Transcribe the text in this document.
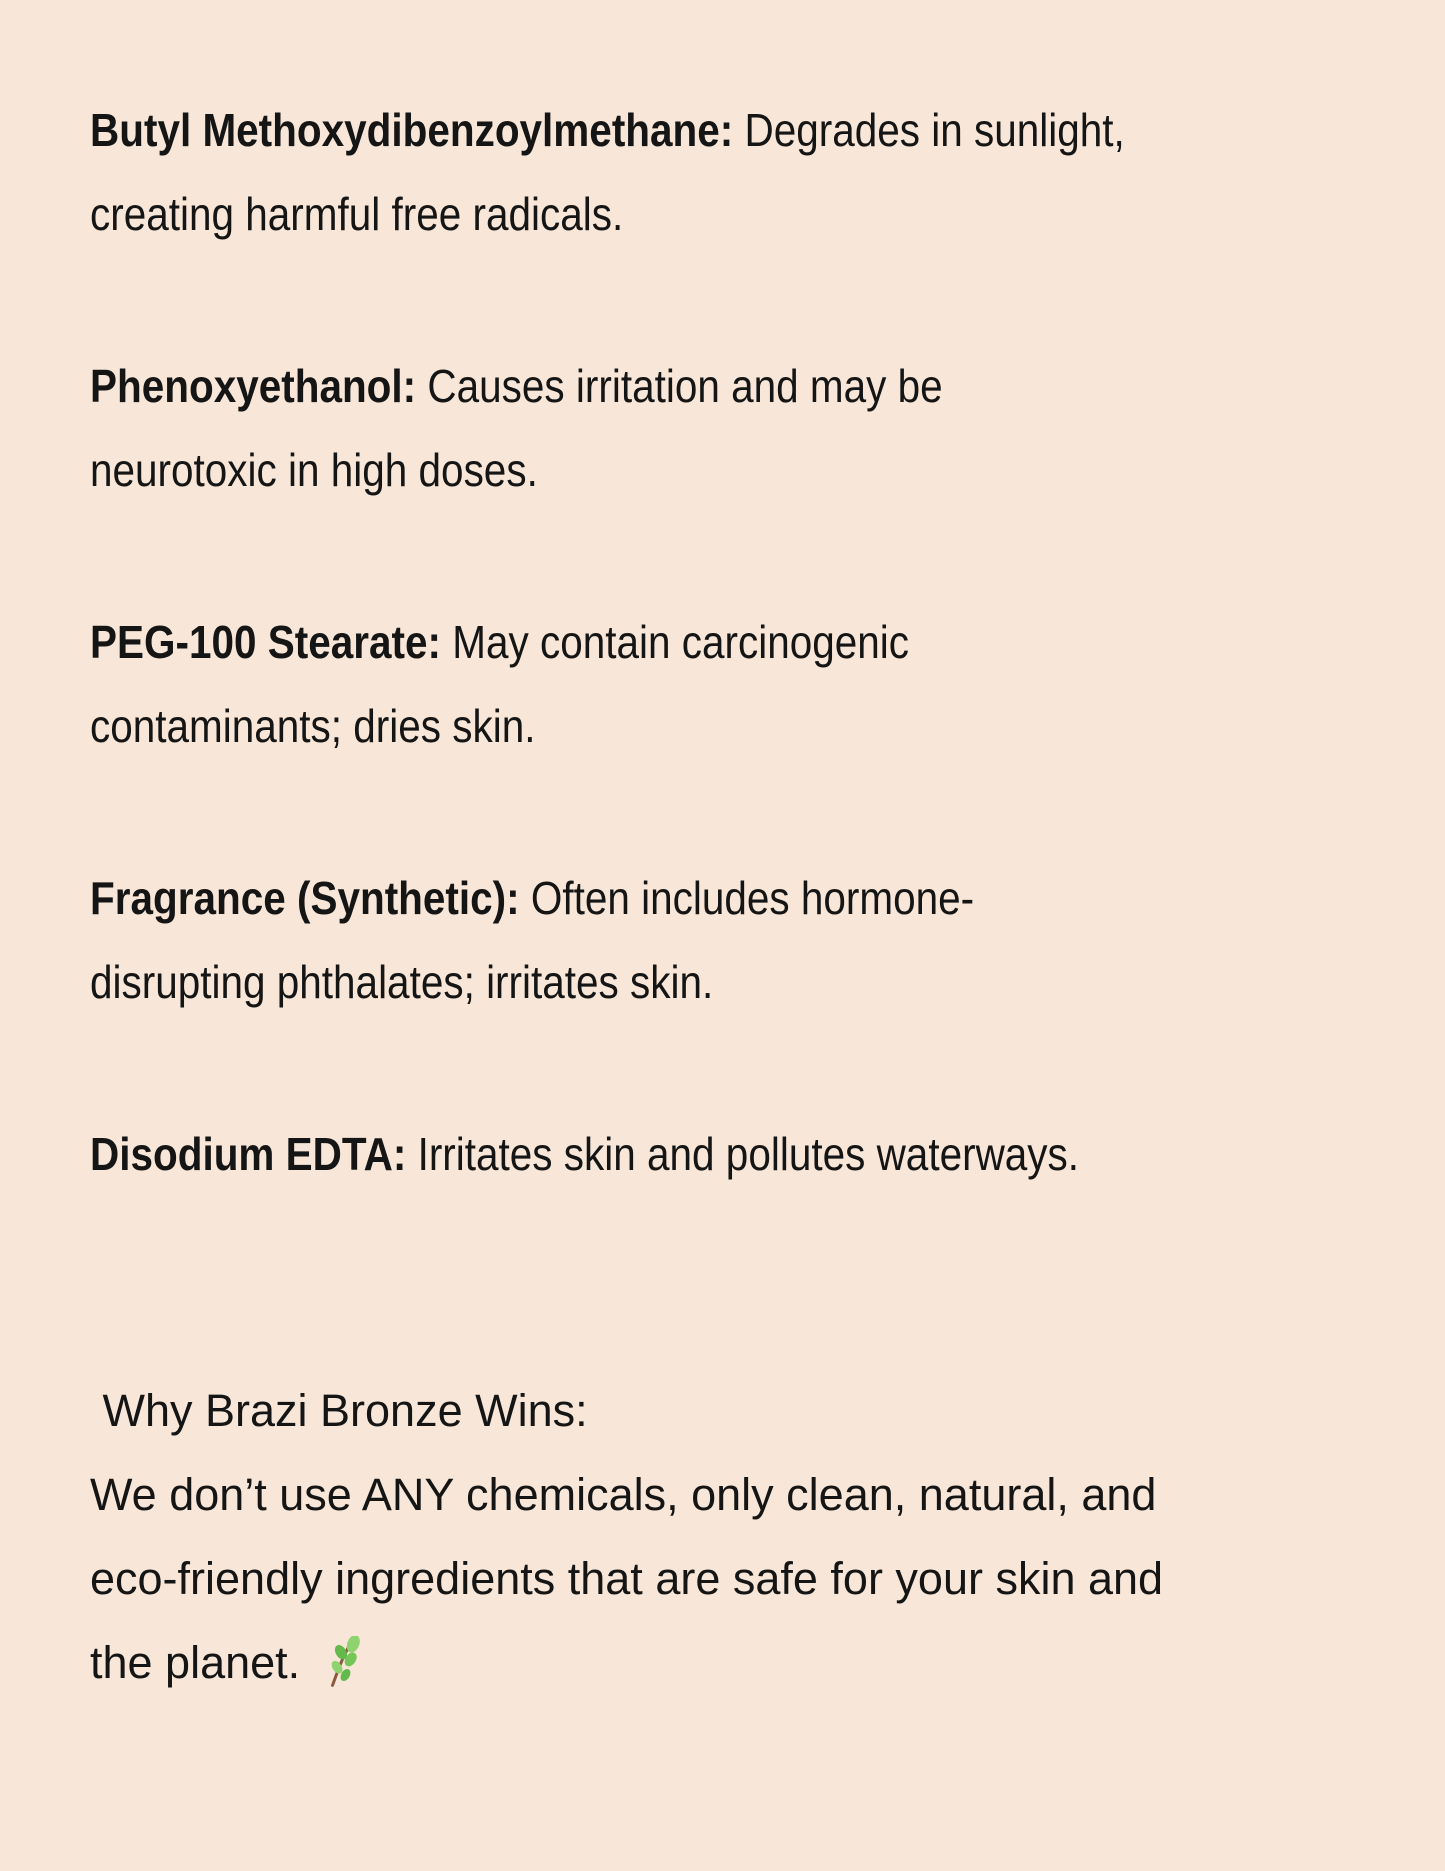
Butyl Methoxydibenzoylmethane: Degrades in sunlight,
creating harmful free radicals.
Phenoxyethanol: Causes irritation and may be
neurotoxic in high doses.
PEG-100 Stearate: May contain carcinogenic
contaminants; dries skin.
Fragrance (Synthetic): Often includes hormone-
disrupting phthalates; irritates skin.
Disodium EDTA: Irritates skin and pollutes waterways.
Why Brazi Bronze Wins:
We don’t use ANY chemicals, only clean, natural, and
eco-friendly ingredients that are safe for your skin and
the planet.
